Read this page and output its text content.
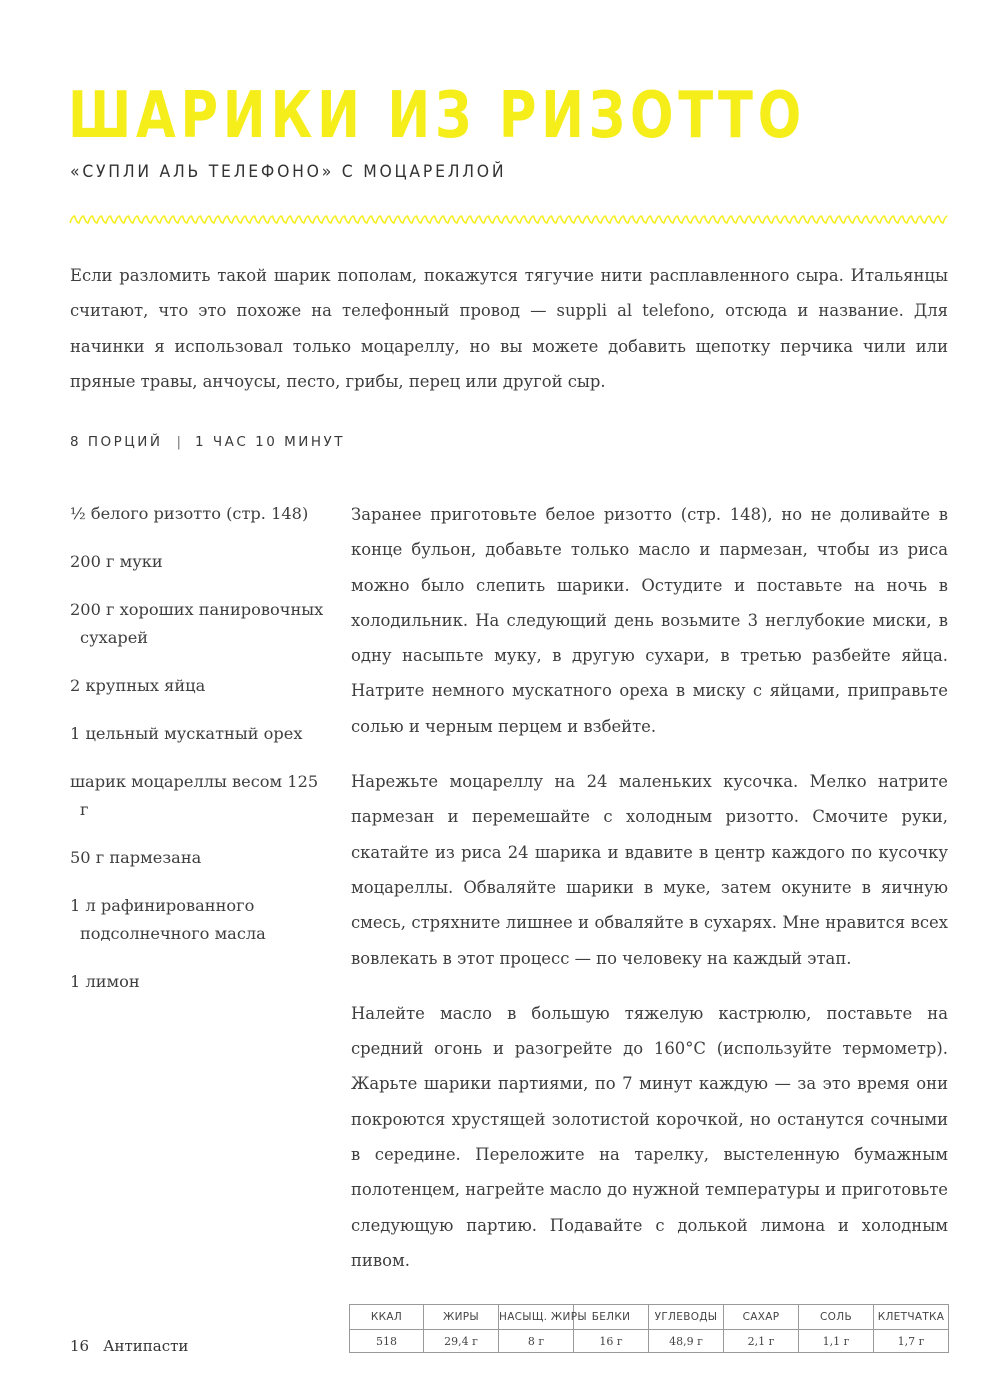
ШАРИКИ ИЗ РИЗОТТО
«СУПЛИ АЛЬ ТЕЛЕФОНО» С МОЦАРЕЛЛОЙ

Если разломить такой шарик пополам, покажутся тягучие нити расплавленного сыра. Итальянцы считают, что это похоже на телефонный провод — suppli al telefono, отсюда и название. Для начинки я использовал только моцареллу, но вы можете добавить щепотку перчика чили или пряные травы, анчоусы, песто, грибы, перец или другой сыр.

8 ПОРЦИЙ | 1 ЧАС 10 МИНУТ
½ белого ризотто (стр. 148)
200 г муки
200 г хороших панировочных сухарей
2 крупных яйца
1 цельный мускатный орех
шарик моцареллы весом 125 г
50 г пармезана
1 л рафинированного подсолнечного масла
1 лимон

Заранее приготовьте белое ризотто (стр. 148), но не доливайте в конце бульон, добавьте только масло и пармезан, чтобы из риса можно было слепить шарики. Остудите и поставьте на ночь в холодильник. На следующий день возьмите 3 неглубокие миски, в одну насыпьте муку, в другую сухари, в третью разбейте яйца. Натрите немного мускатного ореха в миску с яйцами, приправьте солью и черным перцем и взбейте.

Нарежьте моцареллу на 24 маленьких кусочка. Мелко натрите пармезан и перемешайте с холодным ризотто. Смочите руки, скатайте из риса 24 шарика и вдавите в центр каждого по кусочку моцареллы. Обваляйте шарики в муке, затем окуните в яичную смесь, стряхните лишнее и обваляйте в сухарях. Мне нравится всех вовлекать в этот процесс — по человеку на каждый этап.

Налейте масло в большую тяжелую кастрюлю, поставьте на средний огонь и разогрейте до 160°C (используйте термометр). Жарьте шарики партиями, по 7 минут каждую — за это время они покроются хрустящей золотистой корочкой, но останутся сочными в середине. Переложите на тарелку, выстеленную бумажным полотенцем, нагрейте масло до нужной температуры и приготовьте следующую партию. Подавайте с долькой лимона и холодным пивом.

16 Антипасти
ККАЛ	ЖИРЫ	НАСЫЩ. ЖИРЫ	БЕЛКИ	УГЛЕВОДЫ	САХАР	СОЛЬ	КЛЕТЧАТКА
518	29,4 г	8 г	16 г	48,9 г	2,1 г	1,1 г	1,7 г
